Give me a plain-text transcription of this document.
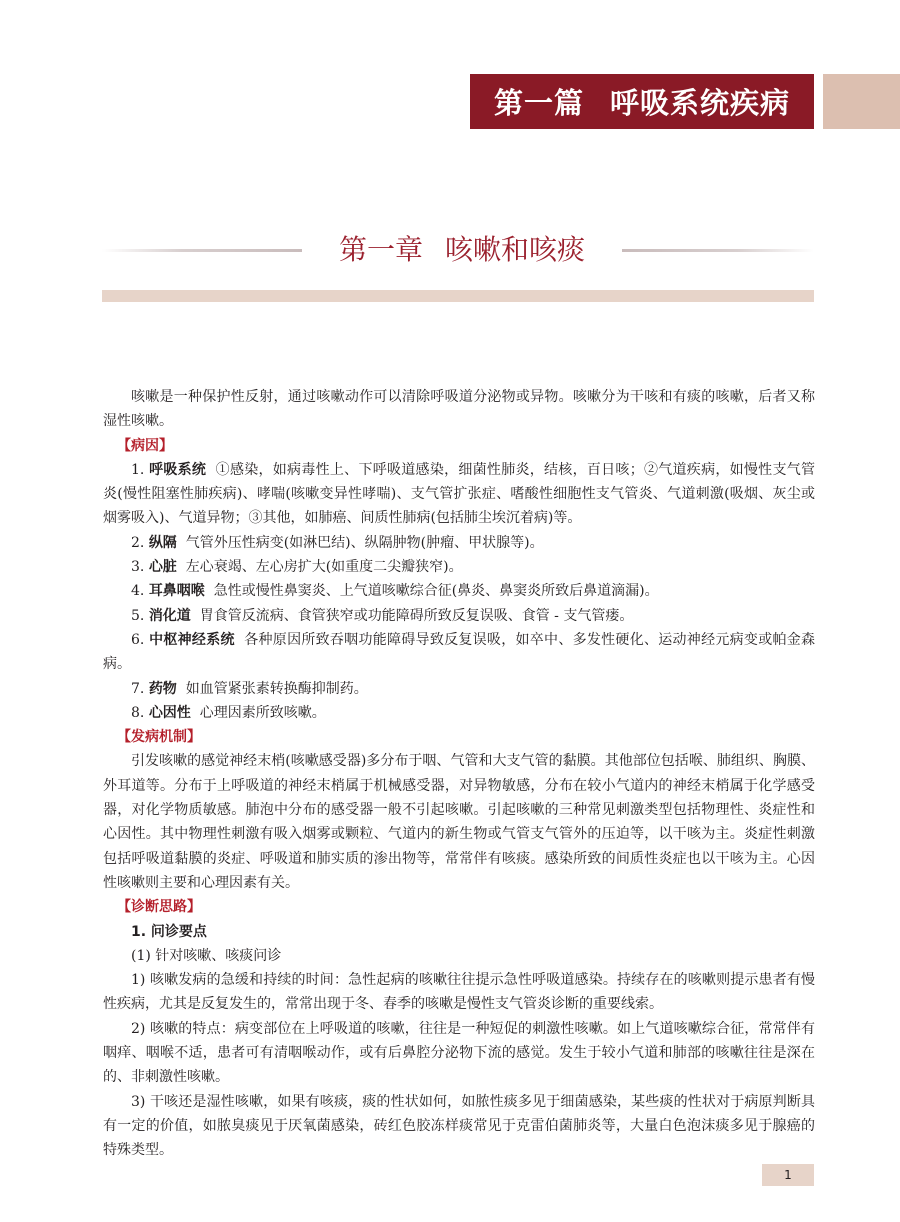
第一篇 呼吸系统疾病
第一章 咳嗽和咳痰

咳嗽是一种保护性反射，通过咳嗽动作可以清除呼吸道分泌物或异物。咳嗽分为干咳和有痰的咳嗽，后者又称湿性咳嗽。

【病因】

1. 呼吸系统 ①感染，如病毒性上、下呼吸道感染，细菌性肺炎，结核，百日咳；②气道疾病，如慢性支气管炎(慢性阻塞性肺疾病)、哮喘(咳嗽变异性哮喘)、支气管扩张症、嗜酸性细胞性支气管炎、气道刺激(吸烟、灰尘或烟雾吸入)、气道异物；③其他，如肺癌、间质性肺病(包括肺尘埃沉着病)等。

2. 纵隔 气管外压性病变(如淋巴结)、纵隔肿物(肿瘤、甲状腺等)。

3. 心脏 左心衰竭、左心房扩大(如重度二尖瓣狭窄)。

4. 耳鼻咽喉 急性或慢性鼻窦炎、上气道咳嗽综合征(鼻炎、鼻窦炎所致后鼻道滴漏)。

5. 消化道 胃食管反流病、食管狭窄或功能障碍所致反复误吸、食管 - 支气管瘘。

6. 中枢神经系统 各种原因所致吞咽功能障碍导致反复误吸，如卒中、多发性硬化、运动神经元病变或帕金森病。

7. 药物 如血管紧张素转换酶抑制药。

8. 心因性 心理因素所致咳嗽。

【发病机制】

引发咳嗽的感觉神经末梢(咳嗽感受器)多分布于咽、气管和大支气管的黏膜。其他部位包括喉、肺组织、胸膜、外耳道等。分布于上呼吸道的神经末梢属于机械感受器，对异物敏感，分布在较小气道内的神经末梢属于化学感受器，对化学物质敏感。肺泡中分布的感受器一般不引起咳嗽。引起咳嗽的三种常见刺激类型包括物理性、炎症性和心因性。其中物理性刺激有吸入烟雾或颗粒、气道内的新生物或气管支气管外的压迫等，以干咳为主。炎症性刺激包括呼吸道黏膜的炎症、呼吸道和肺实质的渗出物等，常常伴有咳痰。感染所致的间质性炎症也以干咳为主。心因性咳嗽则主要和心理因素有关。

【诊断思路】

1. 问诊要点

(1) 针对咳嗽、咳痰问诊

1) 咳嗽发病的急缓和持续的时间：急性起病的咳嗽往往提示急性呼吸道感染。持续存在的咳嗽则提示患者有慢性疾病，尤其是反复发生的，常常出现于冬、春季的咳嗽是慢性支气管炎诊断的重要线索。

2) 咳嗽的特点：病变部位在上呼吸道的咳嗽，往往是一种短促的刺激性咳嗽。如上气道咳嗽综合征，常常伴有咽痒、咽喉不适，患者可有清咽喉动作，或有后鼻腔分泌物下流的感觉。发生于较小气道和肺部的咳嗽往往是深在的、非刺激性咳嗽。

3) 干咳还是湿性咳嗽，如果有咳痰，痰的性状如何，如脓性痰多见于细菌感染，某些痰的性状对于病原判断具有一定的价值，如脓臭痰见于厌氧菌感染，砖红色胶冻样痰常见于克雷伯菌肺炎等，大量白色泡沫痰多见于腺癌的特殊类型。

1
